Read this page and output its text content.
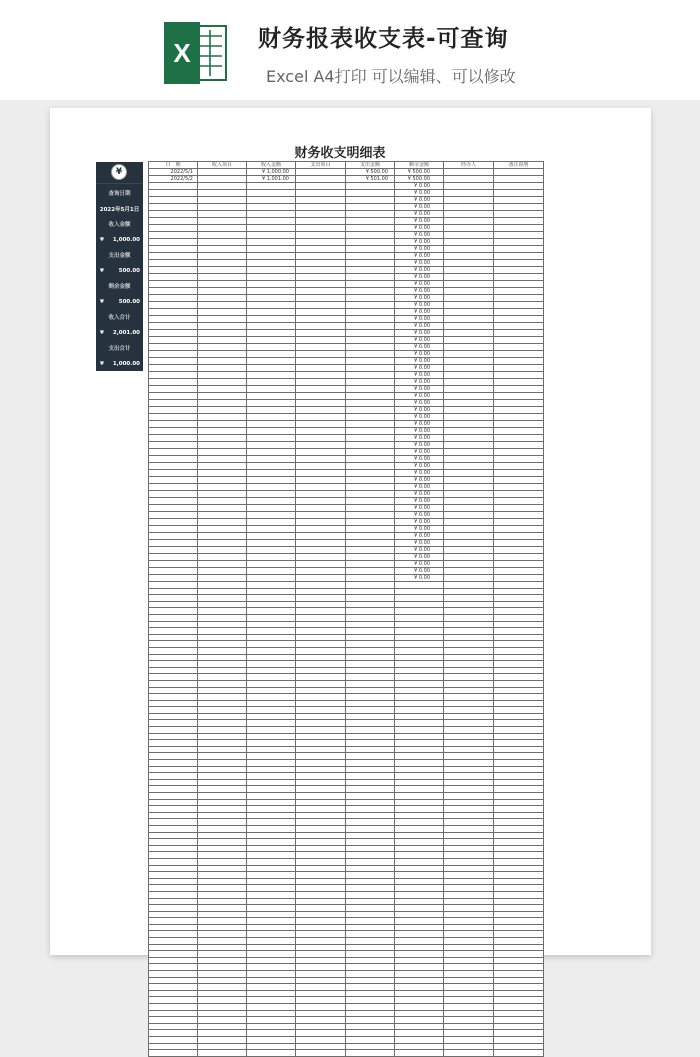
X	财务报表收支表-可查询
Excel A4打印 可以编辑、可以修改
财务收支明细表
¥
查询日期
2022年5月1日
收入金额
¥ 1,000.00
支出金额
¥	500.00
剩余金额
¥	500.00
收入合计
¥ 2,001.00
支出合计
¥ 1,000.00
日　期	收入项目	收入金额	支出项目	支出金额	剩余金额	经办人	备注说明
2022/5/1		¥ 1,000.00		¥ 500.00	¥ 500.00		
2022/5/2		¥ 1,001.00		¥ 501.00	¥ 500.00		
					¥ 0.00		
					¥ 0.00		
					¥ 0.00		
					¥ 0.00		
					¥ 0.00		
					¥ 0.00		
					¥ 0.00		
					¥ 0.00		
					¥ 0.00		
					¥ 0.00		
					¥ 0.00		
					¥ 0.00		
					¥ 0.00		
					¥ 0.00		
					¥ 0.00		
					¥ 0.00		
					¥ 0.00		
					¥ 0.00		
					¥ 0.00		
					¥ 0.00		
					¥ 0.00		
					¥ 0.00		
					¥ 0.00		
					¥ 0.00		
					¥ 0.00		
					¥ 0.00		
					¥ 0.00		
					¥ 0.00		
					¥ 0.00		
					¥ 0.00		
					¥ 0.00		
					¥ 0.00		
					¥ 0.00		
					¥ 0.00		
					¥ 0.00		
					¥ 0.00		
					¥ 0.00		
					¥ 0.00		
					¥ 0.00		
					¥ 0.00		
					¥ 0.00		
					¥ 0.00		
					¥ 0.00		
					¥ 0.00		
					¥ 0.00		
					¥ 0.00		
					¥ 0.00		
					¥ 0.00		
					¥ 0.00		
					¥ 0.00		
					¥ 0.00		
					¥ 0.00		
					¥ 0.00		
					¥ 0.00		
					¥ 0.00		
					¥ 0.00		
					¥ 0.00		
